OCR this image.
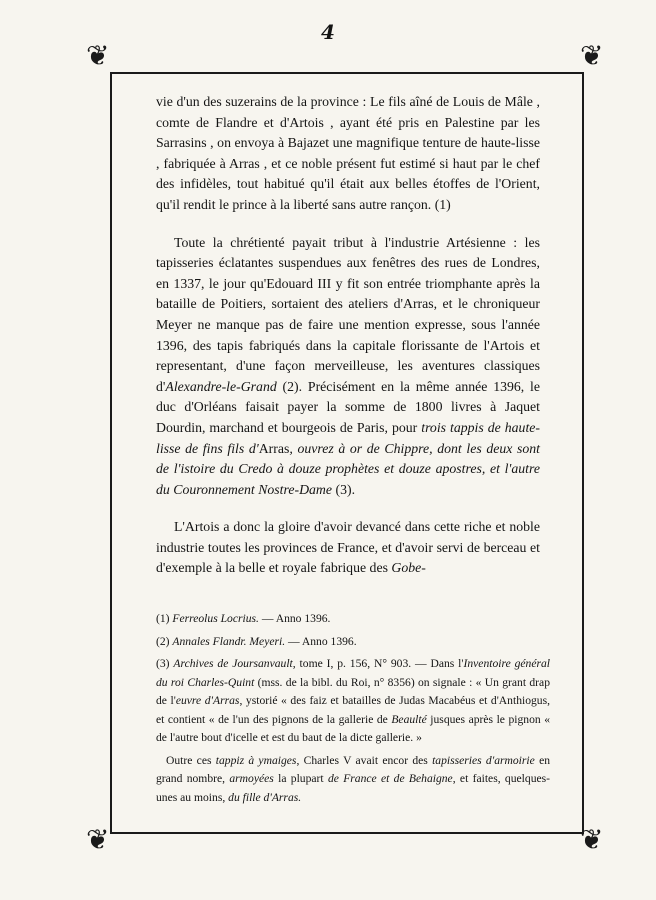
4
❦	❦
❦	❦

vie d'un des suzerains de la province : Le fils aîné de Louis de Mâle , comte de Flandre et d'Artois , ayant été pris en Palestine par les Sarrasins , on envoya à Bajazet une magnifique tenture de haute-lisse , fabriquée à Arras , et ce noble présent fut estimé si haut par le chef des infidèles, tout habitué qu'il était aux belles étoffes de l'Orient, qu'il rendit le prince à la liberté sans autre rançon. (1)

Toute la chrétienté payait tribut à l'industrie Artésienne : les tapisseries éclatantes suspendues aux fenêtres des rues de Londres, en 1337, le jour qu'Edouard III y fit son entrée triomphante après la bataille de Poitiers, sortaient des ateliers d'Arras, et le chroniqueur Meyer ne manque pas de faire une mention expresse, sous l'année 1396, des tapis fabriqués dans la capitale florissante de l'Artois et representant, d'une façon merveilleuse, les aventures classiques d'Alexandre-le-Grand (2). Précisément en la même année 1396, le duc d'Orléans faisait payer la somme de 1800 livres à Jaquet Dourdin, marchand et bourgeois de Paris, pour trois tappis de haute-lisse de fins fils d'Arras, ouvrez à or de Chippre, dont les deux sont de l'istoire du Credo à douze prophètes et douze apostres, et l'autre du Couronnement Nostre-Dame (3).

L'Artois a donc la gloire d'avoir devancé dans cette riche et noble industrie toutes les provinces de France, et d'avoir servi de berceau et d'exemple à la belle et royale fabrique des Gobe-

(1) Ferreolus Locrius. — Anno 1396.

(2) Annales Flandr. Meyeri. — Anno 1396.

(3) Archives de Joursanvault, tome I, p. 156, N° 903. — Dans l'Inventoire général du roi Charles-Quint (mss. de la bibl. du Roi, n° 8356) on signale : « Un grant drap de l'euvre d'Arras, ystorié « des faiz et batailles de Judas Macabéus et d'Anthiogus, et contient « de l'un des pignons de la gallerie de Beaulté jusques après le pignon « de l'autre bout d'icelle et est du baut de la dicte gallerie. »

Outre ces tappiz à ymaiges, Charles V avait encor des tapisseries d'armoirie en grand nombre, armoyées la plupart de France et de Behaigne, et faites, quelques-unes au moins, du fille d'Arras.
